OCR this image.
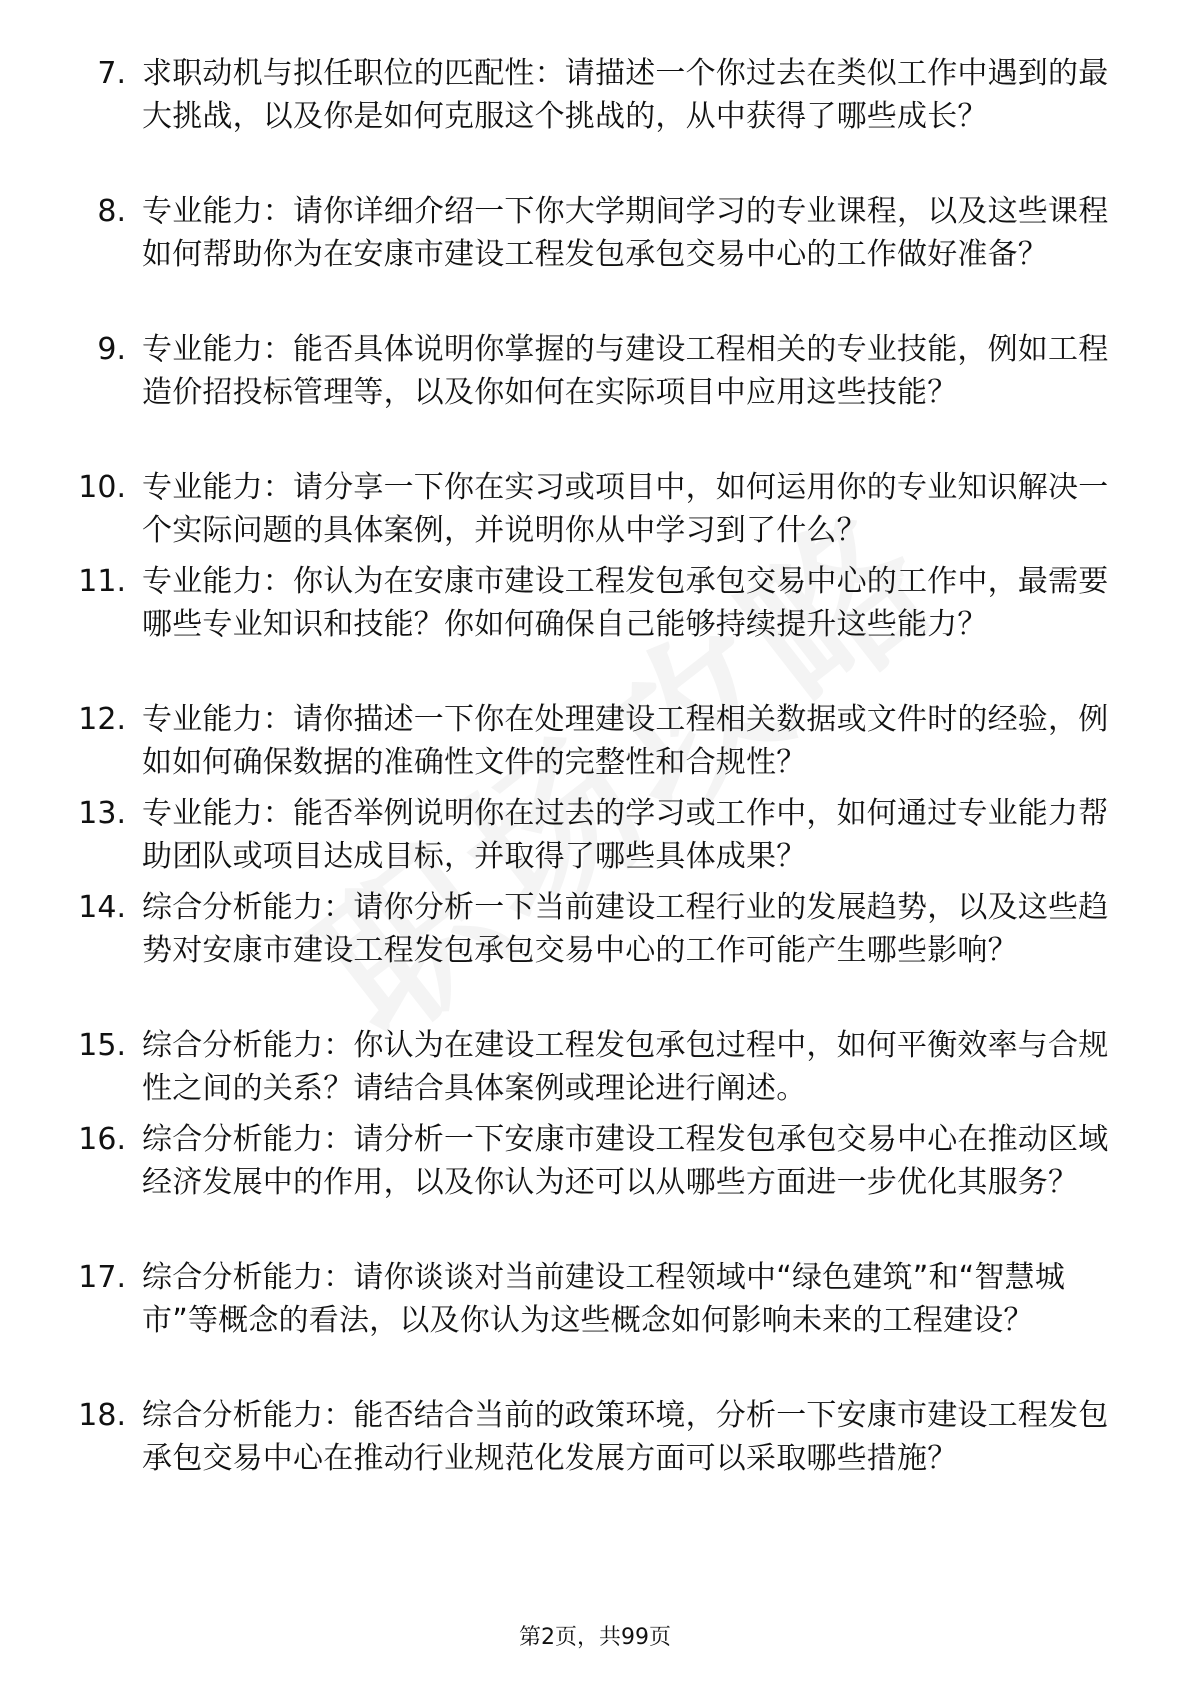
7. 求职动机与拟任职位的匹配性：请描述一个你过去在类似工作中遇到的最大挑战，以及你是如何克服这个挑战的，从中获得了哪些成长？
8. 专业能力：请你详细介绍一下你大学期间学习的专业课程，以及这些课程如何帮助你为在安康市建设工程发包承包交易中心的工作做好准备？
9. 专业能力：能否具体说明你掌握的与建设工程相关的专业技能，例如工程造价招投标管理等，以及你如何在实际项目中应用这些技能？
10. 专业能力：请分享一下你在实习或项目中，如何运用你的专业知识解决一个实际问题的具体案例，并说明你从中学习到了什么？
11. 专业能力：你认为在安康市建设工程发包承包交易中心的工作中，最需要哪些专业知识和技能？你如何确保自己能够持续提升这些能力？
12. 专业能力：请你描述一下你在处理建设工程相关数据或文件时的经验，例如如何确保数据的准确性文件的完整性和合规性？
13. 专业能力：能否举例说明你在过去的学习或工作中，如何通过专业能力帮助团队或项目达成目标，并取得了哪些具体成果？
14. 综合分析能力：请你分析一下当前建设工程行业的发展趋势，以及这些趋势对安康市建设工程发包承包交易中心的工作可能产生哪些影响？
15. 综合分析能力：你认为在建设工程发包承包过程中，如何平衡效率与合规性之间的关系？请结合具体案例或理论进行阐述。
16. 综合分析能力：请分析一下安康市建设工程发包承包交易中心在推动区域经济发展中的作用，以及你认为还可以从哪些方面进一步优化其服务？
17. 综合分析能力：请你谈谈对当前建设工程领域中“绿色建筑”和“智慧城市”等概念的看法，以及你认为这些概念如何影响未来的工程建设？
18. 综合分析能力：能否结合当前的政策环境，分析一下安康市建设工程发包承包交易中心在推动行业规范化发展方面可以采取哪些措施？
第2页，共99页
